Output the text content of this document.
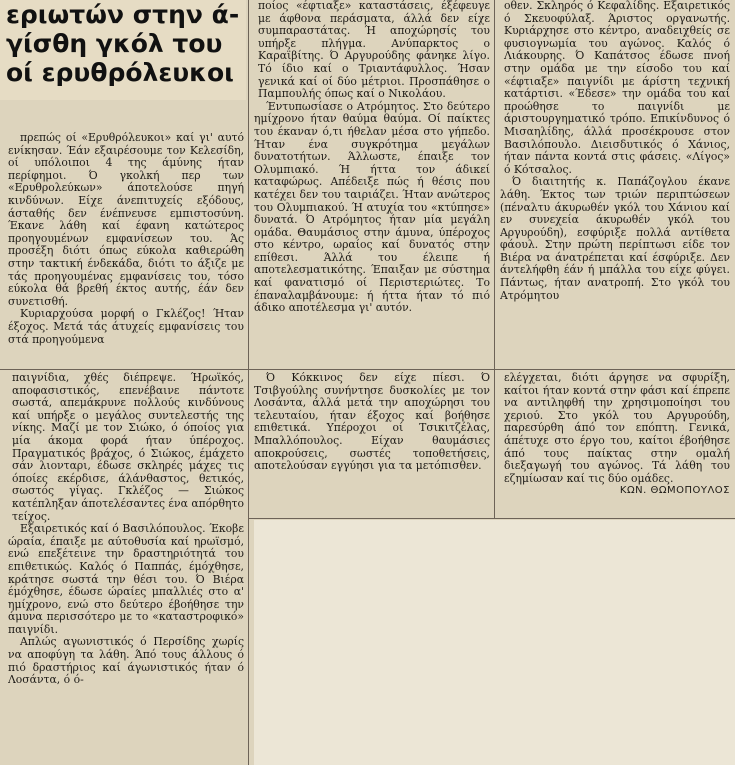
εριωτών στην ά-
γίσθη γκόλ του
οί ερυθρόλευκοι

πρεπώς οί «Ερυθρόλευκοι» καί γι' αυτό ενίκησαν. Έάν εξαιρέσουμε τον Κελεσίδη, οί υπόλοιποι 4 της άμύνης ήταν περίφημοι. Ό γκολκή περ των «Ερυθρολεύκων» άποτελούσε πηγή κινδύνων. Είχε άνεπιτυχείς εξόδους, άσταθής δεν ένέπνευσε εμπιστοσύνη. Έκανε λάθη καί έφανη κατώτερος προηγουμένων εμφανίσεων του. Άς προσέξη διότι όπως εύκολα καθιερώθη στην τακτική ένδεκάδα, διότι το άξιζε με τάς προηγουμένας εμφανίσεις του, τόσο εύκολα θά βρεθή έκτος αυτής, έάν δεν συνετισθή.

Κυριαρχούσα μορφή ο Γκλέζος! Ήταν έξοχος. Μετά τάς άτυχείς εμφανίσεις του στά προηγούμενα

ποίος «έφτιαξε» καταστάσεις, έξέφευγε με άφθονα περάσματα, άλλά δεν είχε συμπαραστάτας. Ή αποχώρησίς του υπήρξε πλήγμα. Ανύπαρκτος ο Καραϊβίτης. Ό Αργυρούδης φάνηκε λίγο. Τό ίδιο καί ο Τριαντάφυλλος. Ήσαν γενικά καί οί δύο μέτριοι. Προσπάθησε ο Παμπουλής όπως καί ο Νικολάου.

Έντυπωσίασε ο Ατρόμητος. Στο δεύτερο ημίχρονο ήταν θαύμα θαύμα. Οί παίκτες του έκαναν ό,τι ήθελαν μέσα στο γήπεδο. Ήταν ένα συγκρότημα μεγάλων δυνατοτήτων. Άλλωστε, έπαιξε τον Ολυμπιακό. Ή ήττα τον άδικεί καταφώρως. Απέδειξε πώς ή θέσις που κατέχει δεν του ταιριάζει. Ήταν ανώτερος του Ολυμπιακού. Ή ατυχία του «κτύπησε» δυνατά. Ό Ατρόμητος ήταν μία μεγάλη ομάδα. Θαυμάσιος στην άμυνα, ύπέροχος στο κέντρο, ωραίος καί δυνατός στην επίθεσι. Άλλά του έλειπε ή αποτελεσματικότης. Έπαιξαν με σύστημα καί φανατισμό οί Περιστεριώτες. Το έπαναλαμβάνουμε: ή ήττα ήταν τό πιό άδικο αποτέλεσμα γι' αυτόν.

οθεν. Σκληρός ό Κεφαλίδης. Εξαιρετικός ό Σκευοφύλαξ. Άριστος οργανωτής. Κυριάρχησε στο κέντρο, αναδειχθείς σε φυσιογνωμία του αγώνος. Καλός ό Λιάκουρης. Ό Καπάτσος έδωσε πνοή στην ομάδα με την είσοδο του καί «έφτιαξε» παιγνίδι με άρίστη τεχνική κατάρτισι. «Έδεσε» την ομάδα του καί προώθησε το παιγνίδι με άριστουργηματικό τρόπο. Επικίνδυνος ό Μισαηλίδης, άλλά προσέκρουσε στον Βασιλόπουλο. Διεισδυτικός ό Χάνιος, ήταν πάντα κοντά στις φάσεις. «Λίγος» ό Κότσαλος.

Ό διαιτητής κ. Παπάζογλου έκανε λάθη. Έκτος των τριών περιπτώσεων (πέναλτυ άκυρωθέν γκόλ του Χάνιου καί εν συνεχεία άκυρωθέν γκόλ του Αργυρούδη), εσφύριξε πολλά αντίθετα φάουλ. Στην πρώτη περίπτωσι είδε τον Βιέρα να άνατρέπεται καί έσφύριξε. Δεν άντελήφθη έάν ή μπάλλα του είχε φύγει. Πάντως, ήταν ανατροπή. Στο γκόλ του Ατρόμητου

παιγνίδια, χθές διέπρεψε. Ήρωϊκός, αποφασιστικός, επενέβαινε πάντοτε σωστά, απεμάκρυνε πολλούς κινδύνους καί υπήρξε ο μεγάλος συντελεστής της νίκης. Μαζί με τον Σιώκο, ό όποίος για μία άκομα φορά ήταν ύπέροχος. Πραγματικός βράχος, ό Σιώκος, έμάχετο σάν λιονταρι, έδωσε σκληρές μάχες τις όποίες εκέρδισε, άλάνθαστος, θετικός, σωστός γίγας. Γκλέζος — Σιώκος κατέπληξαν άποτελέσαντες ένα απόρθητο τείχος.

Εξαιρετικός καί ό Βασιλόπουλος. Έκοβε ώραία, έπαιξε με αύτοθυσία καί ηρωϊσμό, ενώ επεξέτεινε την δραστηριότητά του επιθετικώς. Καλός ό Παππάς, έμόχθησε, κράτησε σωστά την θέσι του. Ό Βιέρα έμόχθησε, έδωσε ώραίες μπαλλιές στο α' ημίχρονο, ενώ στο δεύτερο έβοήθησε την άμυνα περισσότερο με το «καταστροφικό» παιγνίδι.

Απλώς αγωνιστικός ό Περσίδης χωρίς να αποφύγη τα λάθη. Άπό τους άλλους ό πιό δραστήριος καί άγωνιστικός ήταν ό Λοσάντα, ό ό-

Ό Κόκκινος δεν είχε πίεσι. Ό Τσιβγούλης συνήντησε δυσκολίες με τον Λοσάντα, άλλά μετά την αποχώρησι του τελευταίου, ήταν έξοχος καί βοήθησε επιθετικά. Υπέροχοι οί Τσικιτζέλας, Μπαλλόπουλος. Είχαν θαυμάσιες αποκρούσεις, σωστές τοποθετήσεις, αποτελούσαν εγγύησι για τα μετόπισθεν.

ελέγχεται, διότι άργησε να σφυρίξη, καίτοι ήταν κοντά στην φάσι καί έπρεπε να αντιληφθή την χρησιμοποίησι του χεριού. Στο γκόλ του Αργυρούδη, παρεσύρθη άπό τον επόπτη. Γενικά, άπέτυχε στο έργο του, καίτοι έβοήθησε άπό τους παίκτας στην ομαλή διεξαγωγή του αγώνος. Τά λάθη του εζημίωσαν καί τις δύο ομάδες.

ΚΩΝ. ΘΩΜΟΠΟΥΛΟΣ
